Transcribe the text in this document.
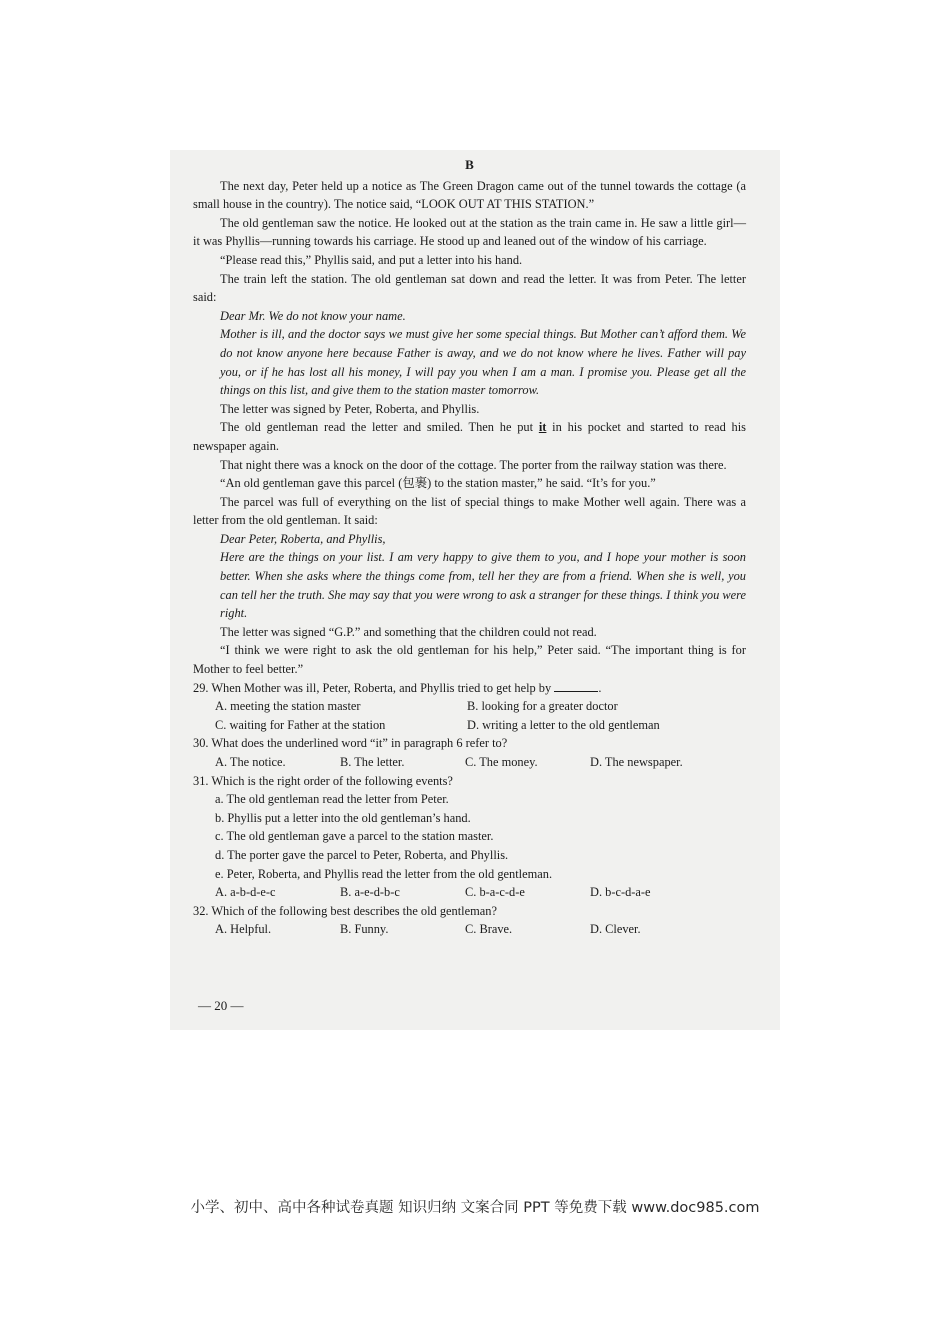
B

The next day, Peter held up a notice as The Green Dragon came out of the tunnel towards the cottage (a small house in the country). The notice said, “LOOK OUT AT THIS STATION.”

The old gentleman saw the notice. He looked out at the station as the train came in. He saw a little girl—it was Phyllis—running towards his carriage. He stood up and leaned out of the window of his carriage.

“Please read this,” Phyllis said, and put a letter into his hand.

The train left the station. The old gentleman sat down and read the letter. It was from Peter. The letter said:

Dear Mr. We do not know your name.

Mother is ill, and the doctor says we must give her some special things. But Mother can’t afford them. We do not know anyone here because Father is away, and we do not know where he lives. Father will pay you, or if he has lost all his money, I will pay you when I am a man. I promise you. Please get all the things on this list, and give them to the station master tomorrow.

The letter was signed by Peter, Roberta, and Phyllis.

The old gentleman read the letter and smiled. Then he put it in his pocket and started to read his newspaper again.

That night there was a knock on the door of the cottage. The porter from the railway station was there.

“An old gentleman gave this parcel (包裹) to the station master,” he said. “It’s for you.”

The parcel was full of everything on the list of special things to make Mother well again. There was a letter from the old gentleman. It said:

Dear Peter, Roberta, and Phyllis,

Here are the things on your list. I am very happy to give them to you, and I hope your mother is soon better. When she asks where the things come from, tell her they are from a friend. When she is well, you can tell her the truth. She may say that you were wrong to ask a stranger for these things. I think you were right.

The letter was signed “G.P.” and something that the children could not read.

“I think we were right to ask the old gentleman for his help,” Peter said. “The important thing is for Mother to feel better.”

29. When Mother was ill, Peter, Roberta, and Phyllis tried to get help by	.

A. meeting the station master	B. looking for a greater doctor
C. waiting for Father at the station	D. writing a letter to the old gentleman

30. What does the underlined word “it” in paragraph 6 refer to?

A. The notice.	B. The letter.	C. The money.	D. The newspaper.

31. Which is the right order of the following events?

a. The old gentleman read the letter from Peter.
b. Phyllis put a letter into the old gentleman’s hand.
c. The old gentleman gave a parcel to the station master.
d. The porter gave the parcel to Peter, Roberta, and Phyllis.
e. Peter, Roberta, and Phyllis read the letter from the old gentleman.
A. a-b-d-e-c	B. a-e-d-b-c	C. b-a-c-d-e	D. b-c-d-a-e

32. Which of the following best describes the old gentleman?

A. Helpful.	B. Funny.	C. Brave.	D. Clever.
— 20 —
小学、初中、高中各种试卷真题 知识归纳 文案合同 PPT 等免费下载 www.doc985.com
